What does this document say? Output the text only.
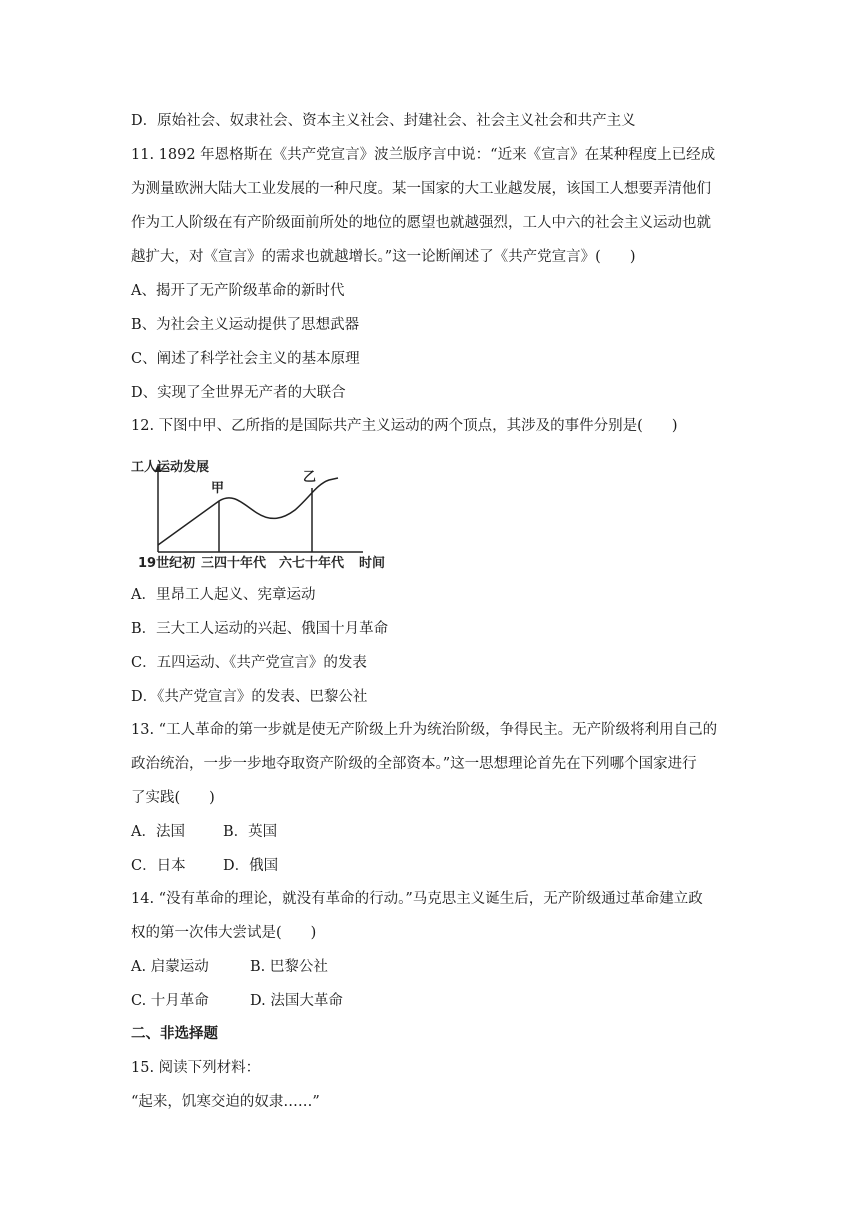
D．原始社会、奴隶社会、资本主义社会、封建社会、社会主义社会和共产主义
11. 1892 年恩格斯在《共产党宣言》波兰版序言中说：“近来《宣言》在某种程度上已经成
为测量欧洲大陆大工业发展的一种尺度。某一国家的大工业越发展，该国工人想要弄清他们
作为工人阶级在有产阶级面前所处的地位的愿望也就越强烈，工人中六的社会主义运动也就
越扩大，对《宣言》的需求也就越增长。”这一论断阐述了《共产党宣言》(　　)
A、揭开了无产阶级革命的新时代
B、为社会主义运动提供了思想武器
C、阐述了科学社会主义的基本原理
D、实现了全世界无产者的大联合
12. 下图中甲、乙所指的是国际共产主义运动的两个顶点，其涉及的事件分别是(　　)
工人运动发展
甲
乙
19世纪初 三四十年代 六七十年代 时间
A．里昂工人起义、宪章运动
B．三大工人运动的兴起、俄国十月革命
C．五四运动、《共产党宣言》的发表
D．《共产党宣言》的发表、巴黎公社
13. “工人革命的第一步就是使无产阶级上升为统治阶级，争得民主。无产阶级将利用自己的
政治统治，一步一步地夺取资产阶级的全部资本。”这一思想理论首先在下列哪个国家进行
了实践(　　)
A．法国	B．英国
C．日本	D．俄国
14. “没有革命的理论，就没有革命的行动。”马克思主义诞生后，无产阶级通过革命建立政
权的第一次伟大尝试是(　　)
A. 启蒙运动	B. 巴黎公社
C. 十月革命	D. 法国大革命
二、非选择题
15. 阅读下列材料：
“起来，饥寒交迫的奴隶……”
